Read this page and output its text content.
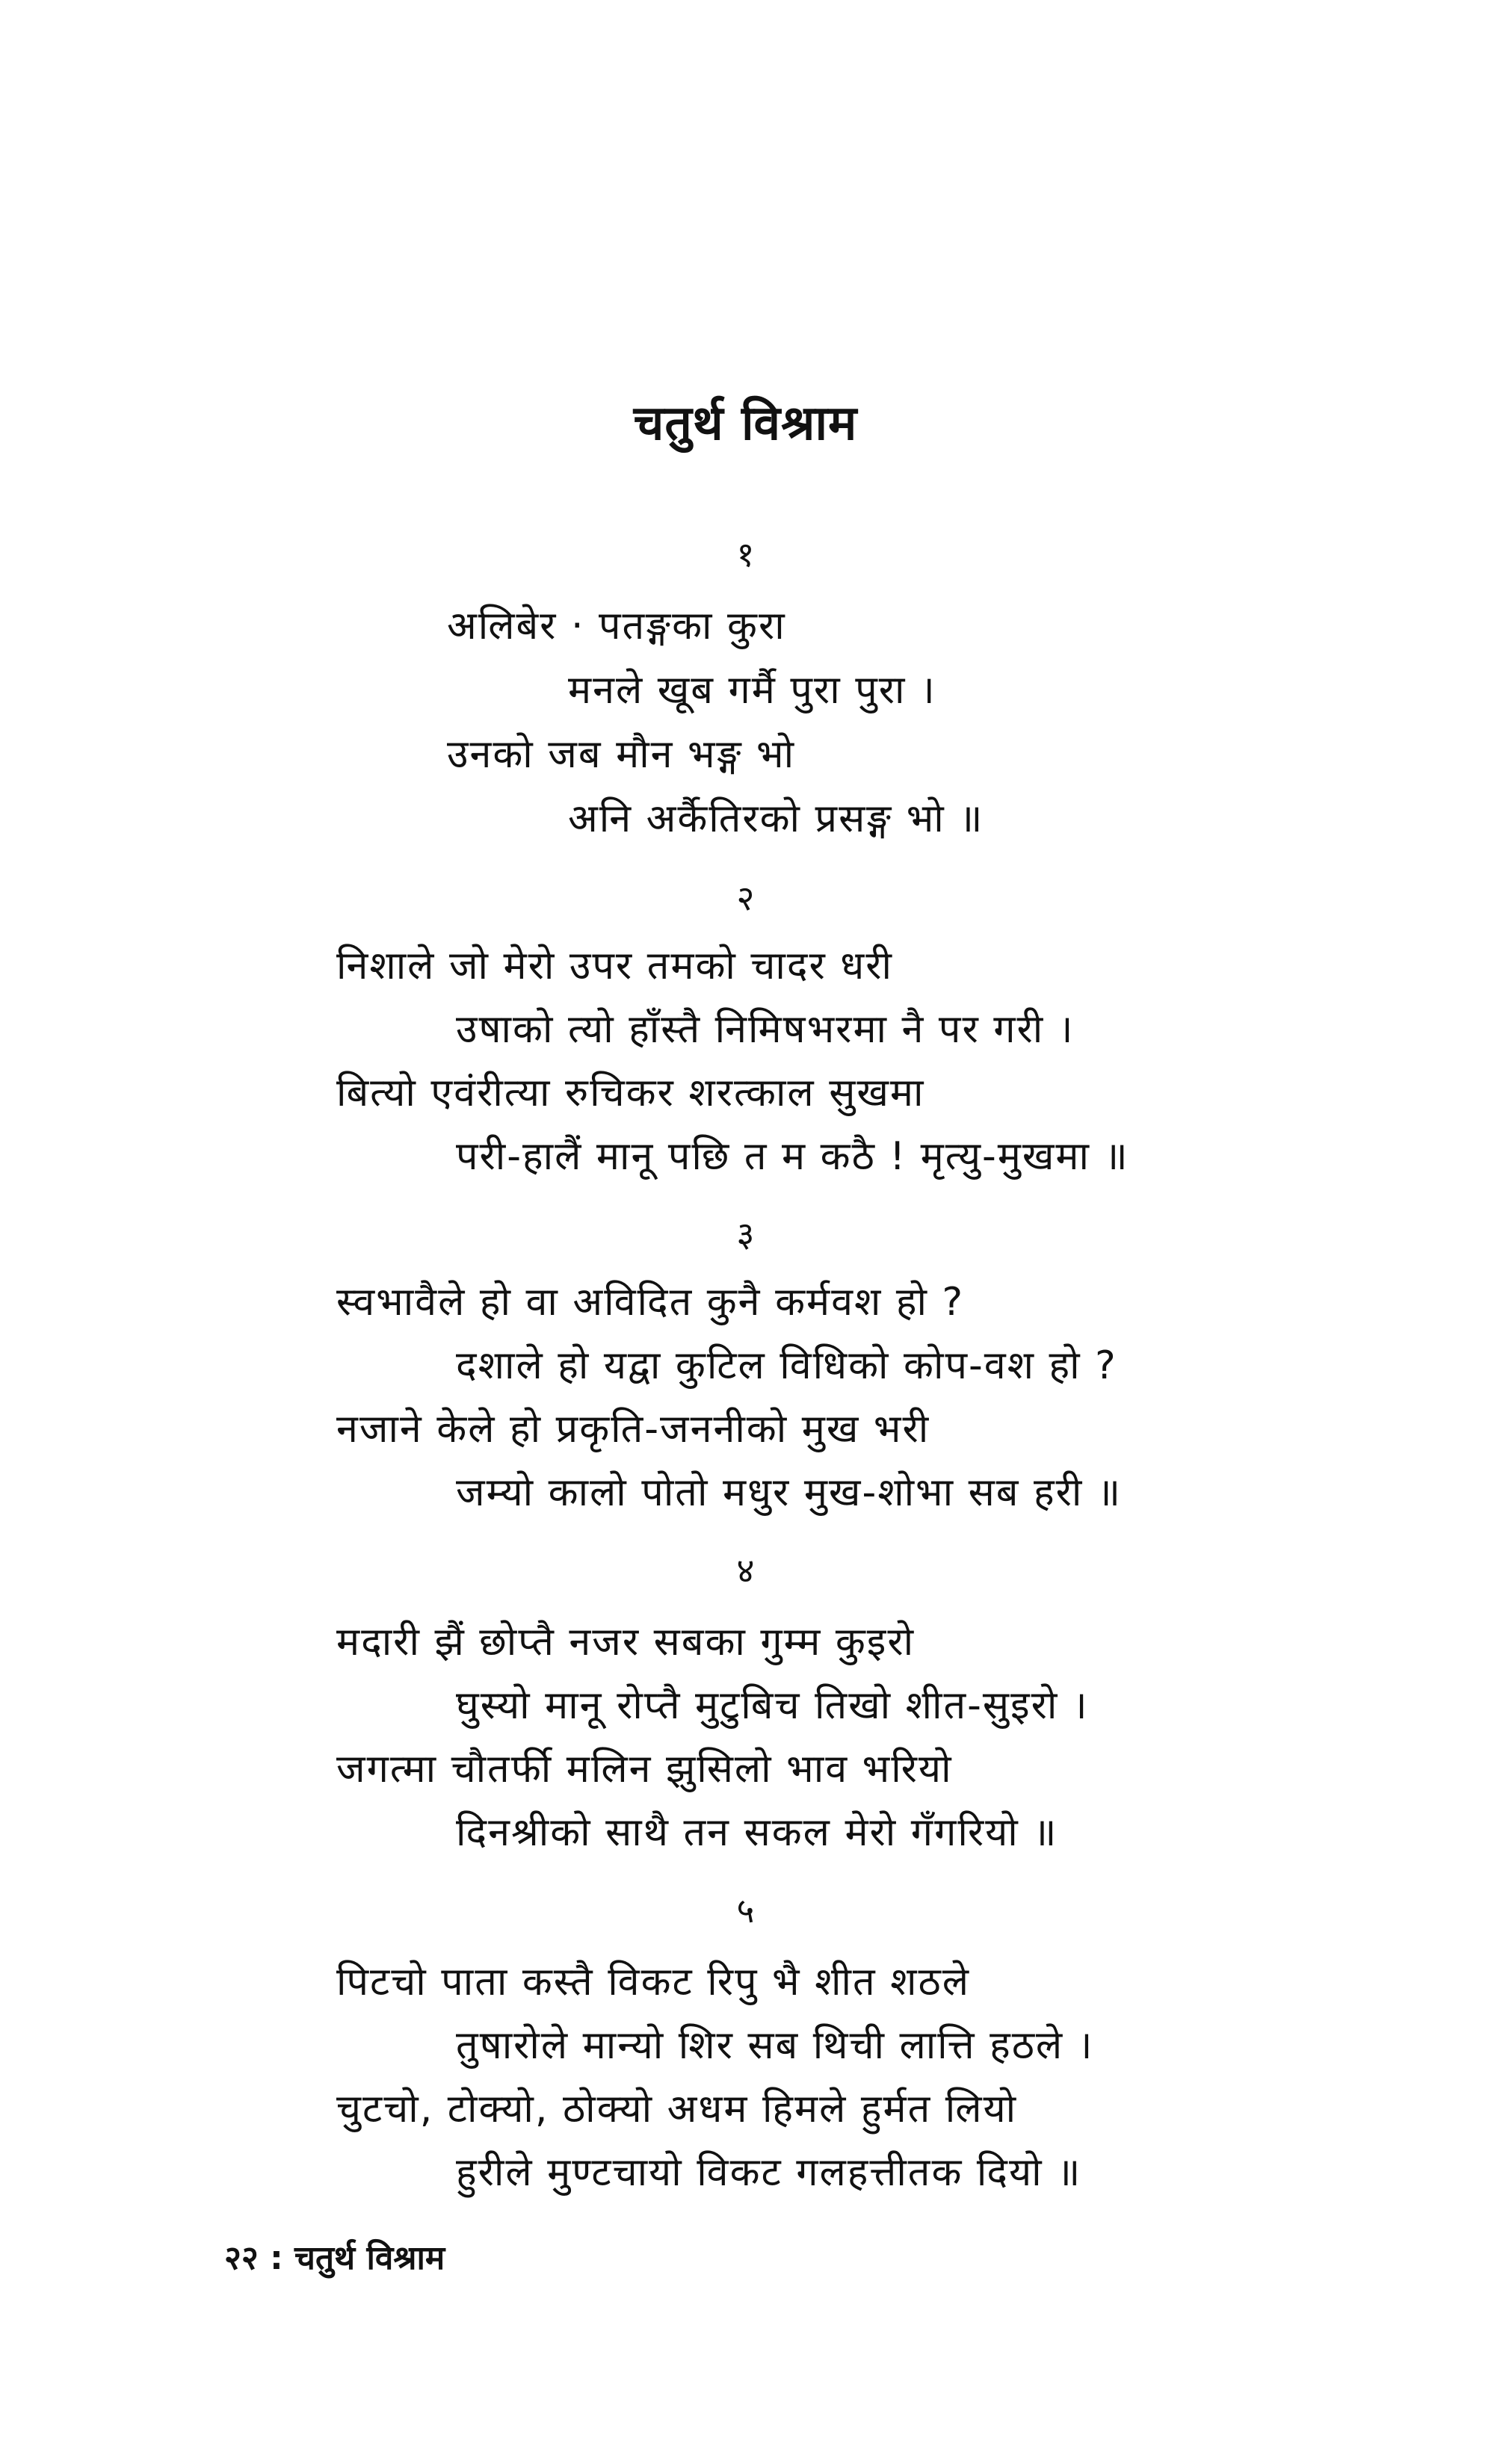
चतुर्थ विश्राम
१
अलिबेर · पतङ्गका कुरा
मनले खूब गर्मै पुरा पुरा ।
उनको जब मौन भङ्ग भो
अनि अर्कैतिरको प्रसङ्ग भो ॥
२
निशाले जो मेरो उपर तमको चादर धरी
उषाको त्यो हाँस्तै निमिषभरमा नै पर गरी ।
बित्यो एवंरीत्या रुचिकर शरत्काल सुखमा
परी-हालैं मानू पछि त म कठै ! मृत्यु-मुखमा ॥
३
स्वभावैले हो वा अविदित कुनै कर्मवश हो ?
दशाले हो यद्वा कुटिल विधिको कोप-वश हो ?
नजाने केले हो प्रकृति-जननीको मुख भरी
जम्यो कालो पोतो मधुर मुख-शोभा सब हरी ॥
४
मदारी झैं छोप्तै नजर सबका गुम्म कुइरो
घुस्यो मानू रोप्तै मुटुबिच तिखो शीत-सुइरो ।
जगत्मा चौतर्फी मलिन झुसिलो भाव भरियो
दिनश्रीको साथै तन सकल मेरो गँगरियो ॥
५
पिटचो पाता कस्तै विकट रिपु भै शीत शठले
तुषारोले मान्यो शिर सब थिची लात्ति हठले ।
चुटचो, टोक्यो, ठोक्यो अधम हिमले हुर्मत लियो
हुरीले मुण्टचायो विकट गलहत्तीतक दियो ॥
२२ : चतुर्थ विश्राम
